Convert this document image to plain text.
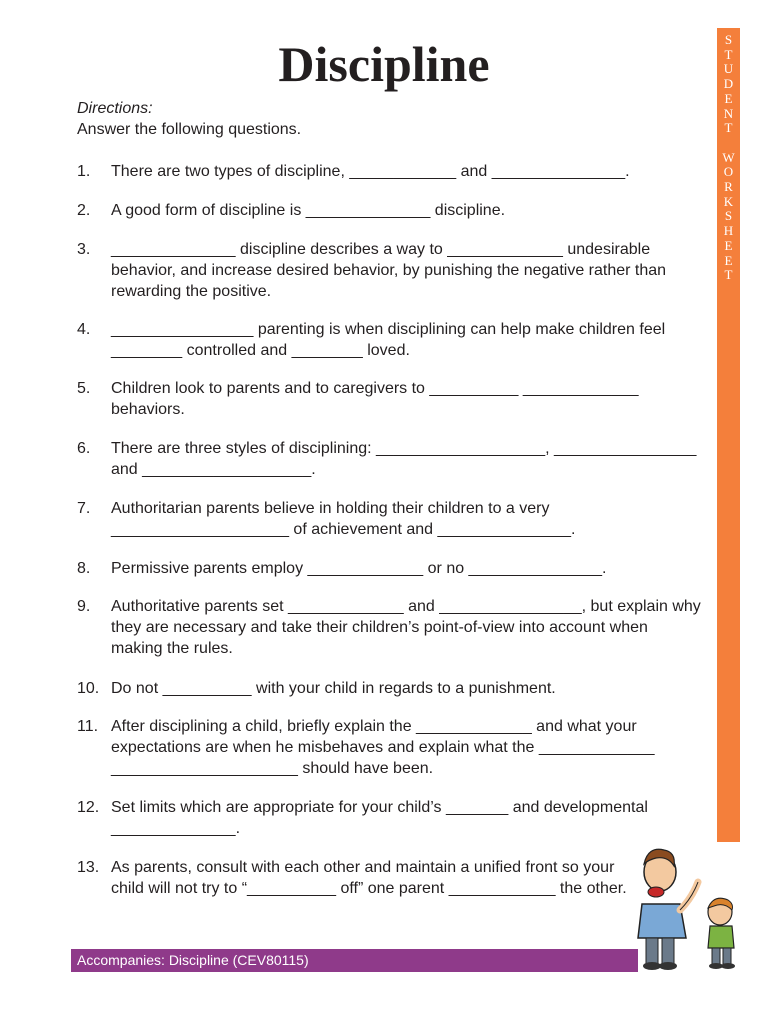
Discipline
Directions:
Answer the following questions.
1. There are two types of discipline, ____________ and _______________.
2. A good form of discipline is ______________ discipline.
3. ______________ discipline describes a way to _____________ undesirable behavior, and increase desired behavior, by punishing the negative rather than rewarding the positive.
4. ________________ parenting is when disciplining can help make children feel ________ controlled and ________ loved.
5. Children look to parents and to caregivers to __________ _____________ behaviors.
6. There are three styles of disciplining: ___________________, ________________ and ___________________.
7. Authoritarian parents believe in holding their children to a very ____________________ of achievement and _______________.
8. Permissive parents employ _____________ or no _______________.
9. Authoritative parents set _____________ and ________________, but explain why they are necessary and take their children’s point-of-view into account when making the rules.
10. Do not __________ with your child in regards to a punishment.
11. After disciplining a child, briefly explain the _____________ and what your expectations are when he misbehaves and explain what the _____________ _____________________ should have been.
12. Set limits which are appropriate for your child’s _______ and developmental ______________.
13. As parents, consult with each other and maintain a unified front so your child will not try to “__________ off” one parent ____________ the other.
S
T
U
D
E
N
T

W
O
R
K
S
H
E
E
T
Accompanies: Discipline (CEV80115)
